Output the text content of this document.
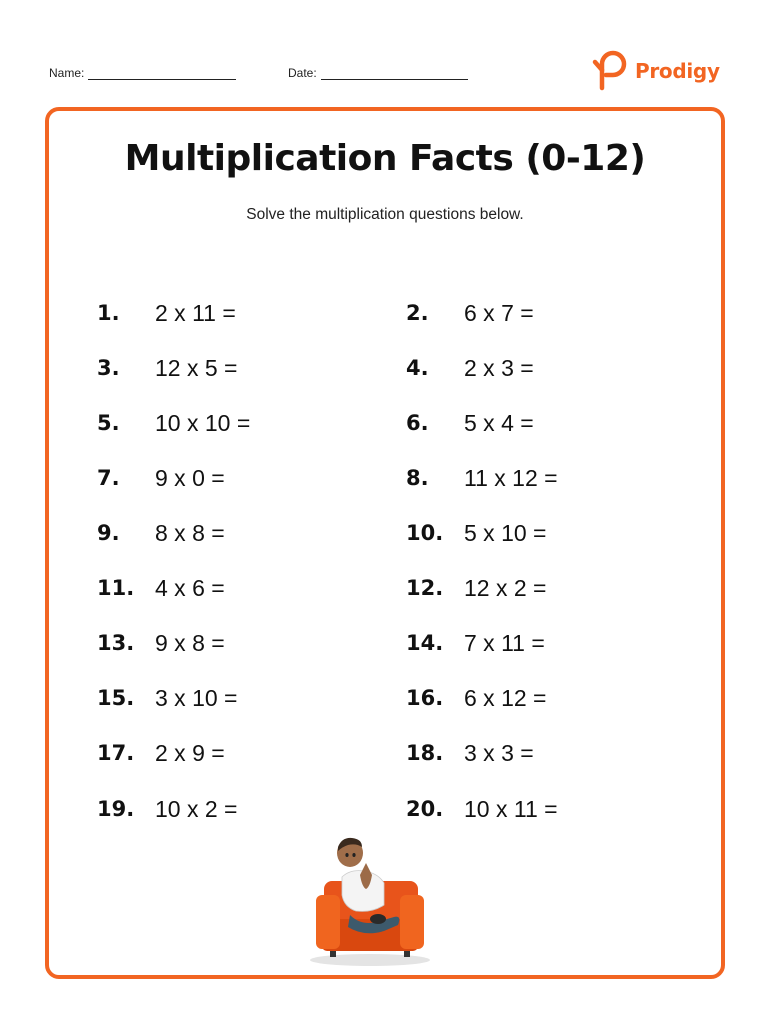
Name:	Date:	Prodigy
Multiplication Facts (0-12)
Solve the multiplication questions below.
1.	2 x 11 =	2.	6 x 7 =
3.	12 x 5 =	4.	2 x 3 =
5.	10 x 10 =	6.	5 x 4 =
7.	9 x 0 =	8.	11 x 12 =
9.	8 x 8 =	10. 5 x 10 =
11. 4 x 6 =	12. 12 x 2 =
13. 9 x 8 =	14. 7 x 11 =
15. 3 x 10 =	16. 6 x 12 =
17. 2 x 9 =	18. 3 x 3 =
19. 10 x 2 =	20. 10 x 11 =
